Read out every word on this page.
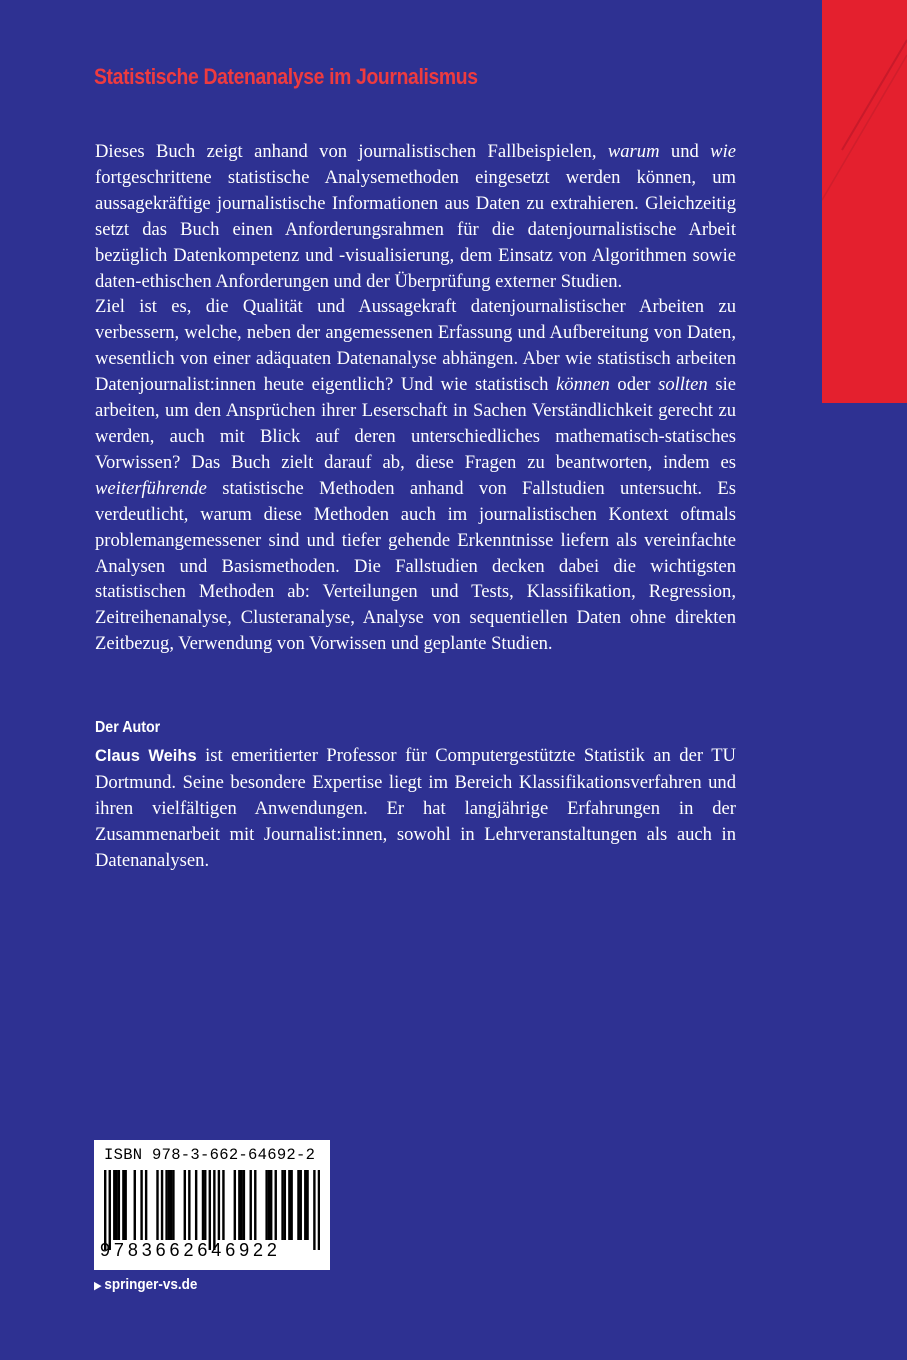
Statistische Datenanalyse im Journalismus

Dieses Buch zeigt anhand von journalistischen Fallbeispielen, warum und wie fortgeschrittene statistische Analysemethoden eingesetzt werden können, um aussagekräftige journalistische Informationen aus Daten zu extrahieren. Gleichzeitig setzt das Buch einen Anforderungsrahmen für die datenjournalistische Arbeit bezüglich Datenkompetenz und -visualisierung, dem Einsatz von Algorithmen sowie daten-ethischen Anforderungen und der Überprüfung externer Studien.

Ziel ist es, die Qualität und Aussagekraft datenjournalistischer Arbeiten zu verbessern, welche, neben der angemessenen Erfassung und Aufbereitung von Daten, wesentlich von einer adäquaten Datenanalyse abhängen. Aber wie statistisch arbeiten Datenjournalist:innen heute eigentlich? Und wie statistisch können oder sollten sie arbeiten, um den Ansprüchen ihrer Leserschaft in Sachen Verständlichkeit gerecht zu werden, auch mit Blick auf deren unterschiedliches mathematisch-statisches Vorwissen? Das Buch zielt darauf ab, diese Fragen zu beantworten, indem es weiterführende statistische Methoden anhand von Fallstudien untersucht. Es verdeutlicht, warum diese Methoden auch im journalistischen Kontext oftmals problemangemessener sind und tiefer gehende Erkenntnisse liefern als vereinfachte Analysen und Basismethoden. Die Fallstudien decken dabei die wichtigsten statistischen Methoden ab: Verteilungen und Tests, Klassifikation, Regression, Zeitreihenanalyse, Clusteranalyse, Analyse von sequentiellen Daten ohne direkten Zeitbezug, Verwendung von Vorwissen und geplante Studien.

Der Autor

Claus Weihs ist emeritierter Professor für Computergestützte Statistik an der TU Dortmund. Seine besondere Expertise liegt im Bereich Klassifikationsverfahren und ihren vielfältigen Anwendungen. Er hat langjährige Erfahrungen in der Zusammenarbeit mit Journalist:innen, sowohl in Lehrveranstaltungen als auch in Datenanalysen.

ISBN 978-3-662-64692-2
9783662646922
▶ springer-vs.de
